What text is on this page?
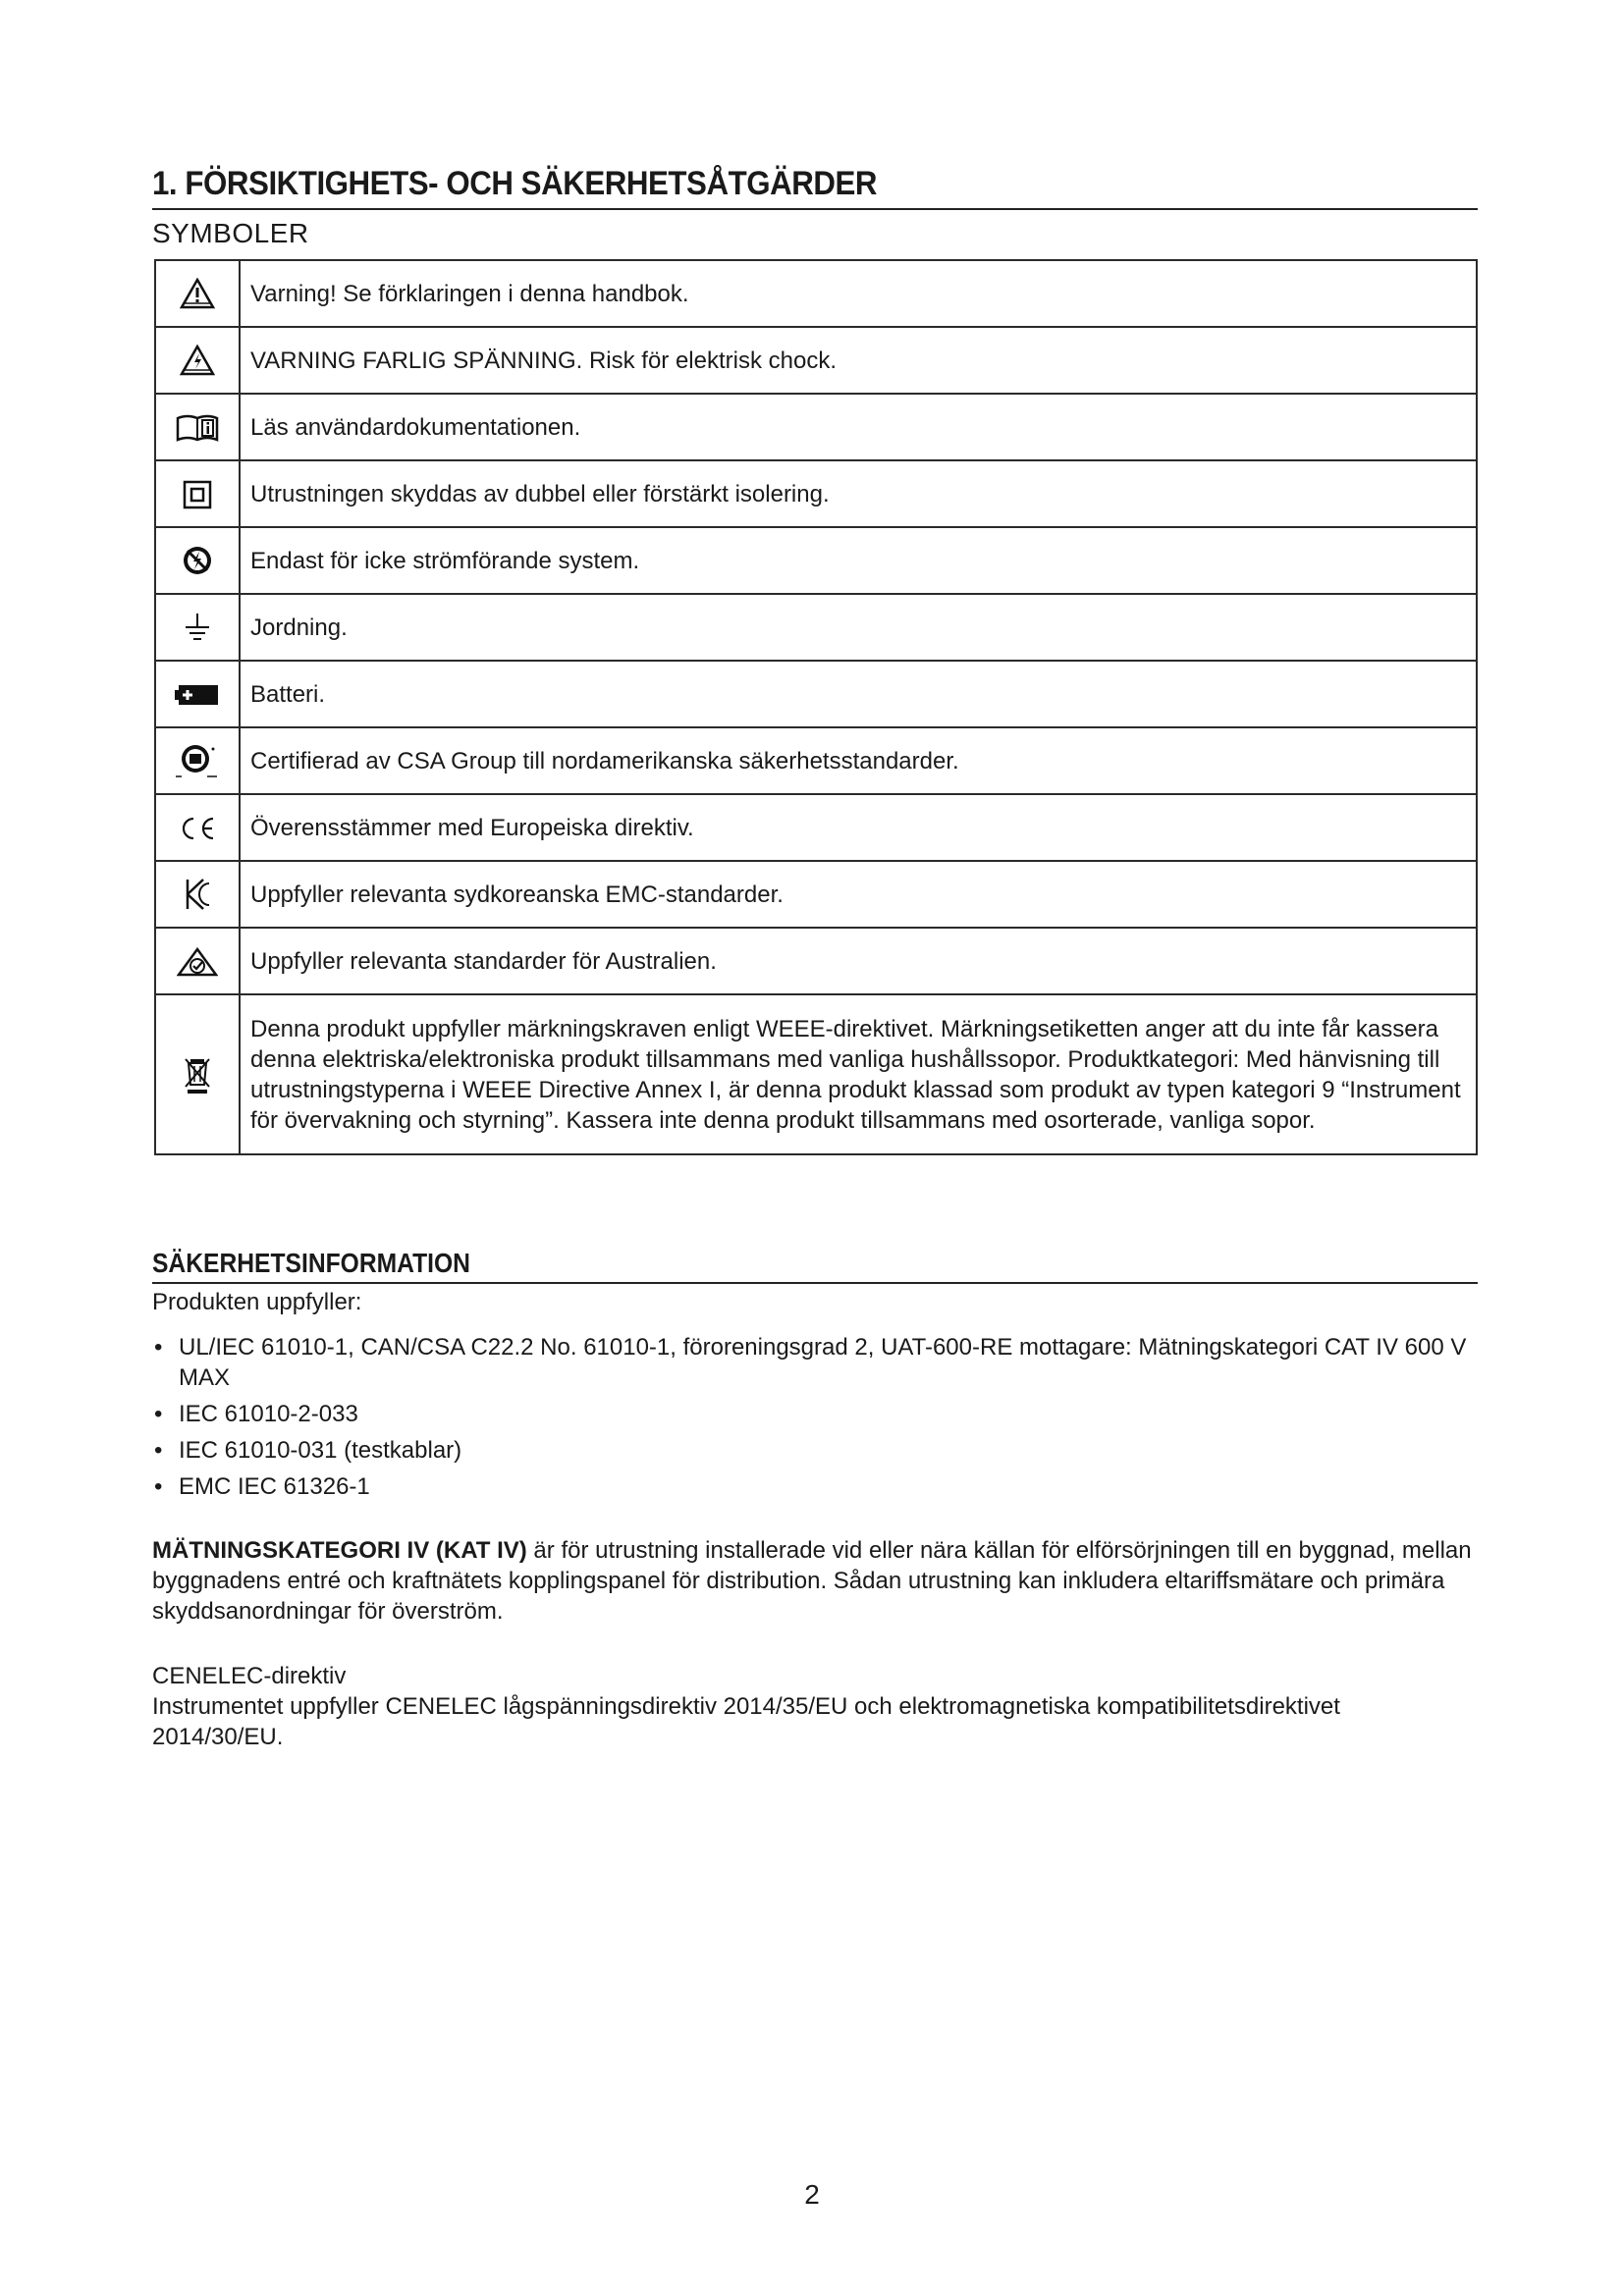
1. FÖRSIKTIGHETS- OCH SÄKERHETSÅTGÄRDER
SYMBOLER
	Varning! Se förklaringen i denna handbok.
	VARNING FARLIG SPÄNNING. Risk för elektrisk chock.
	Läs användardokumentationen.
	Utrustningen skyddas av dubbel eller förstärkt isolering.
	Endast för icke strömförande system.
	Jordning.
	Batteri.
	Certifierad av CSA Group till nordamerikanska säkerhetsstandarder.
	Överensstämmer med Europeiska direktiv.
	Uppfyller relevanta sydkoreanska EMC-standarder.
	Uppfyller relevanta standarder för Australien.
	Denna produkt uppfyller märkningskraven enligt WEEE-direktivet. Märkningsetiketten anger att du inte får kassera denna elektriska/elektroniska produkt tillsammans med vanliga hushållssopor. Produktkategori: Med hänvisning till utrustningstyperna i WEEE Directive Annex I, är denna produkt klassad som produkt av typen kategori 9 “Instrument för övervakning och styrning”. Kassera inte denna produkt tillsammans med osorterade, vanliga sopor.
SÄKERHETSINFORMATION
Produkten uppfyller:
• UL/IEC 61010-1, CAN/CSA C22.2 No. 61010-1, föroreningsgrad 2, UAT-600-RE mottagare: Mätningskategori CAT IV 600 V MAX
• IEC 61010-2-033
• IEC 61010-031 (testkablar)
• EMC IEC 61326-1
MÄTNINGSKATEGORI IV (KAT IV) är för utrustning installerade vid eller nära källan för elförsörjningen till en byggnad, mellan byggnadens entré och kraftnätets kopplingspanel för distribution. Sådan utrustning kan inkludera eltariffsmätare och primära skyddsanordningar för överström.
CENELEC-direktiv
Instrumentet uppfyller CENELEC lågspänningsdirektiv 2014/35/EU och elektromagnetiska kompatibilitetsdirektivet 2014/30/EU.
2
